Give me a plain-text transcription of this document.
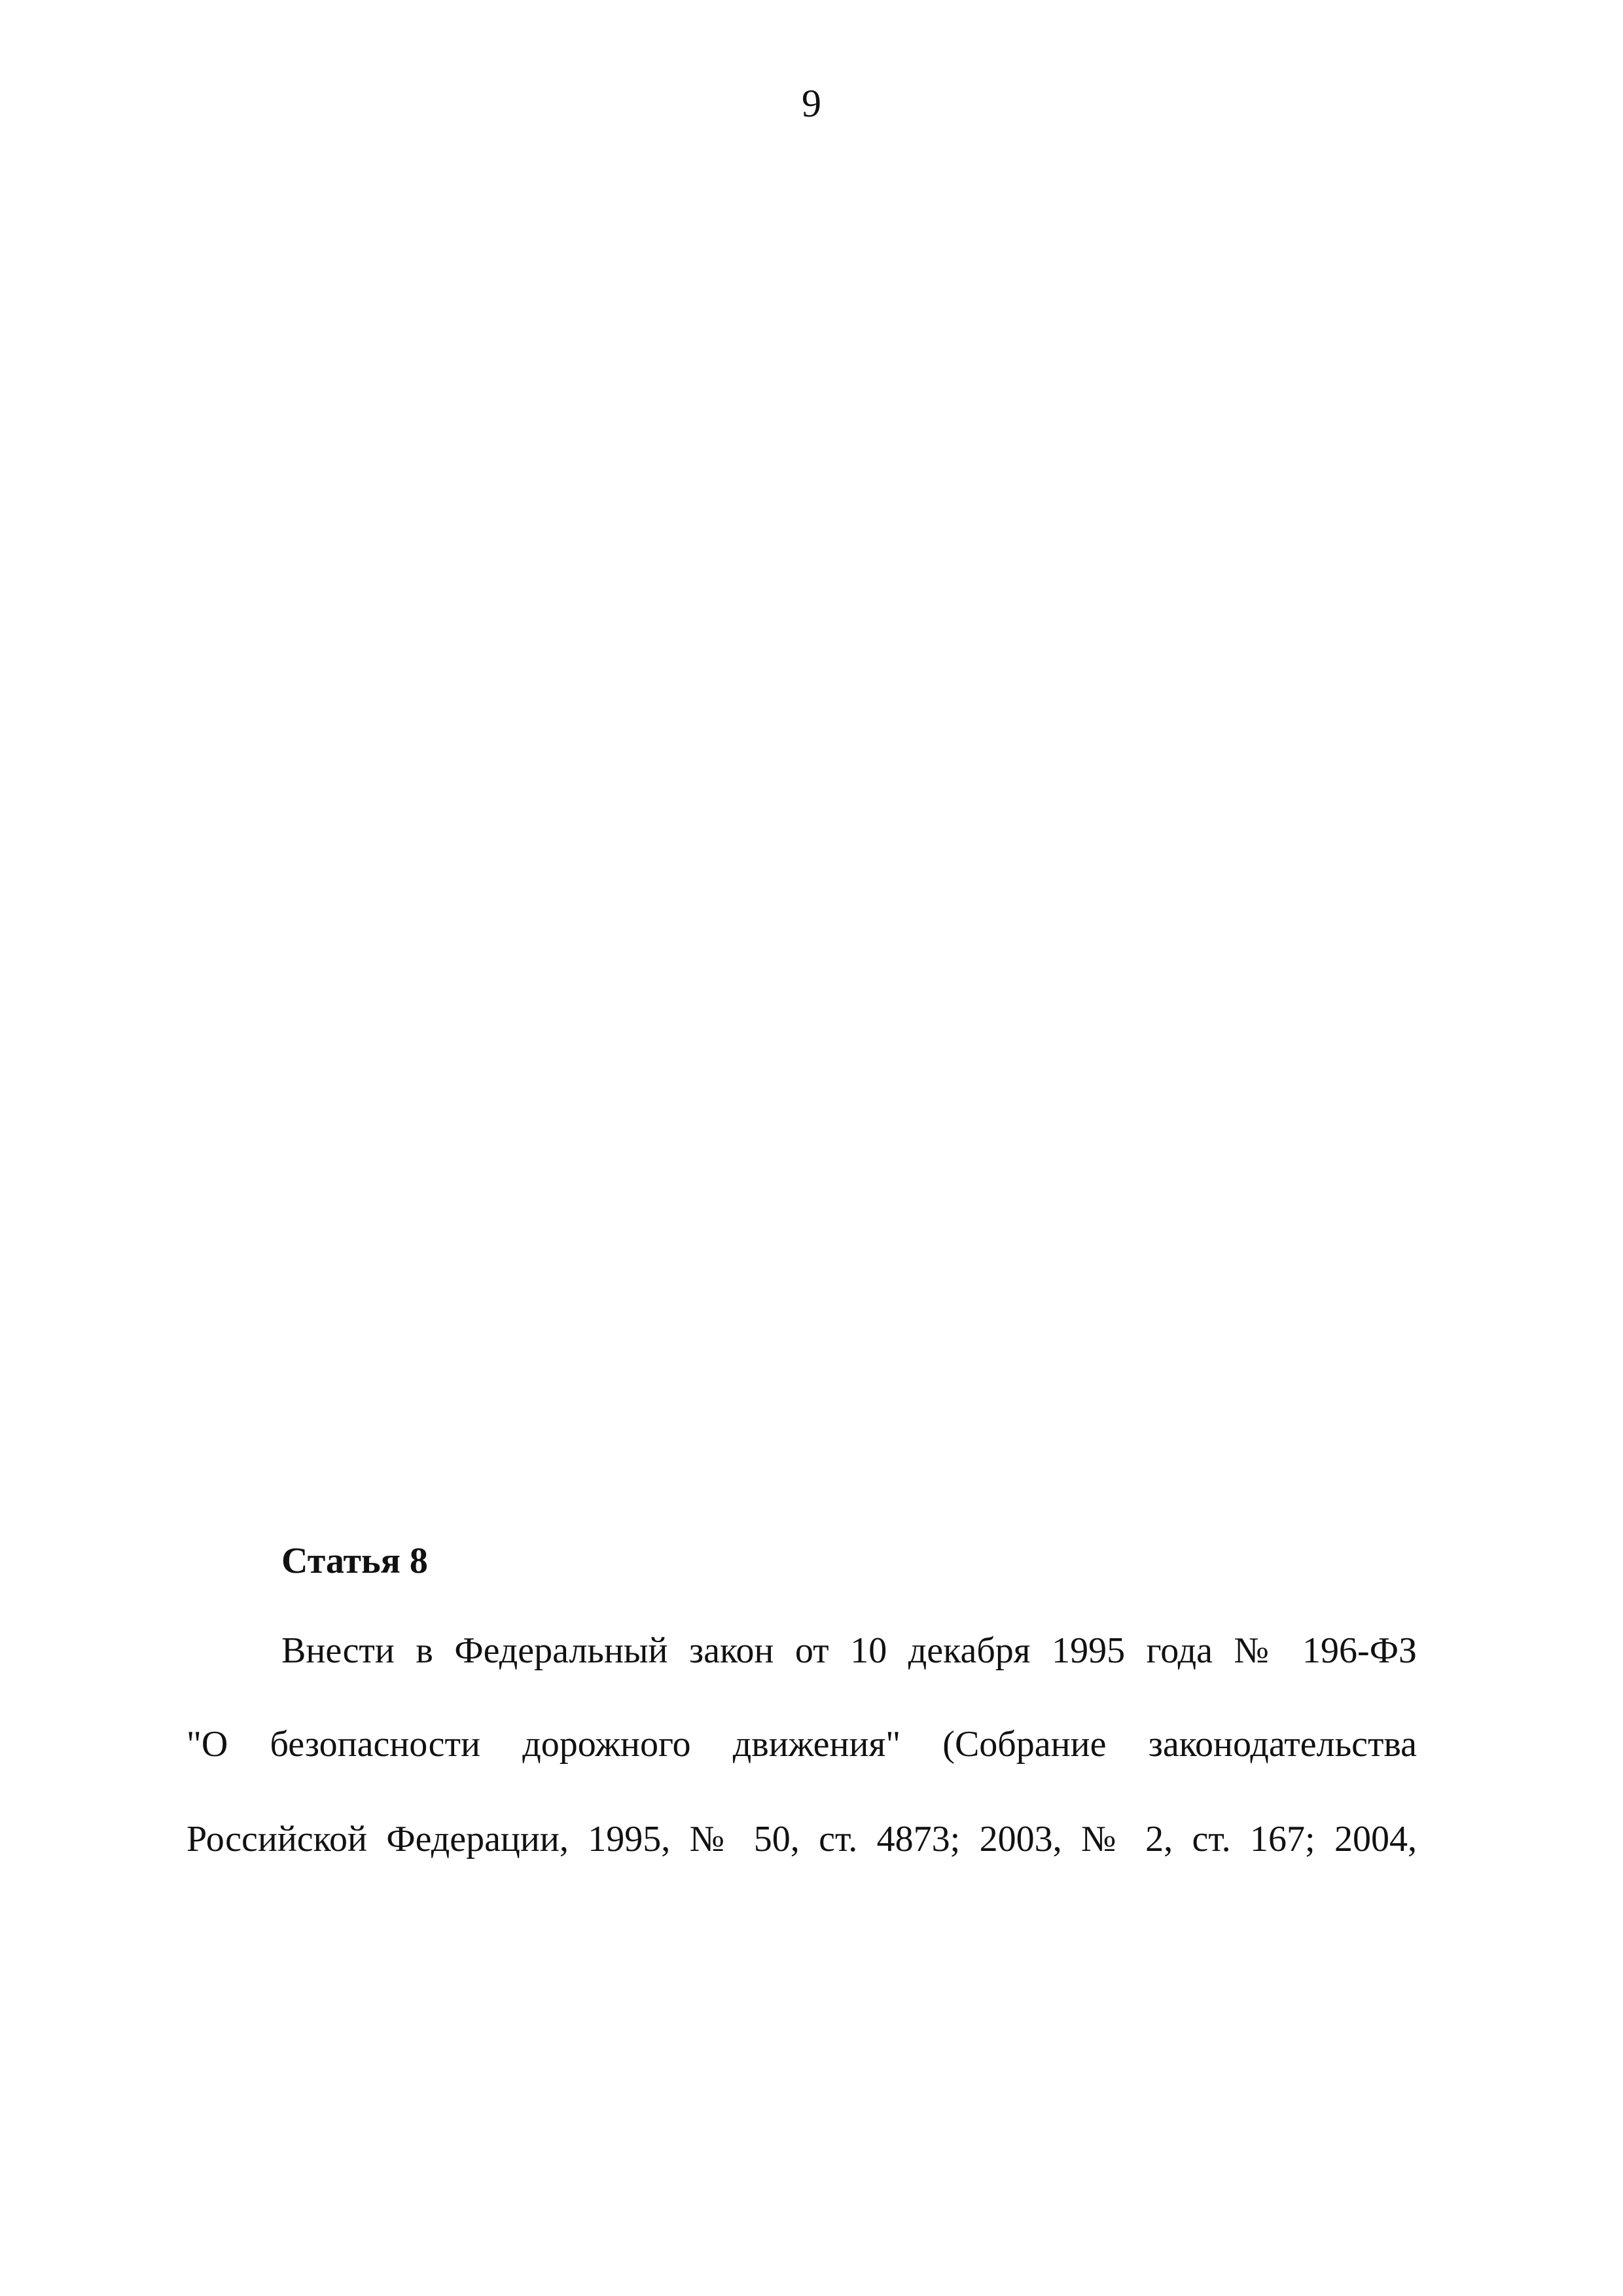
9
Статья 8
Внести в Федеральный закон от 10 декабря 1995 года № 196-ФЗ
"О безопасности дорожного движения" (Собрание законодательства
Российской Федерации, 1995, № 50, ст. 4873; 2003, № 2, ст. 167; 2004,
